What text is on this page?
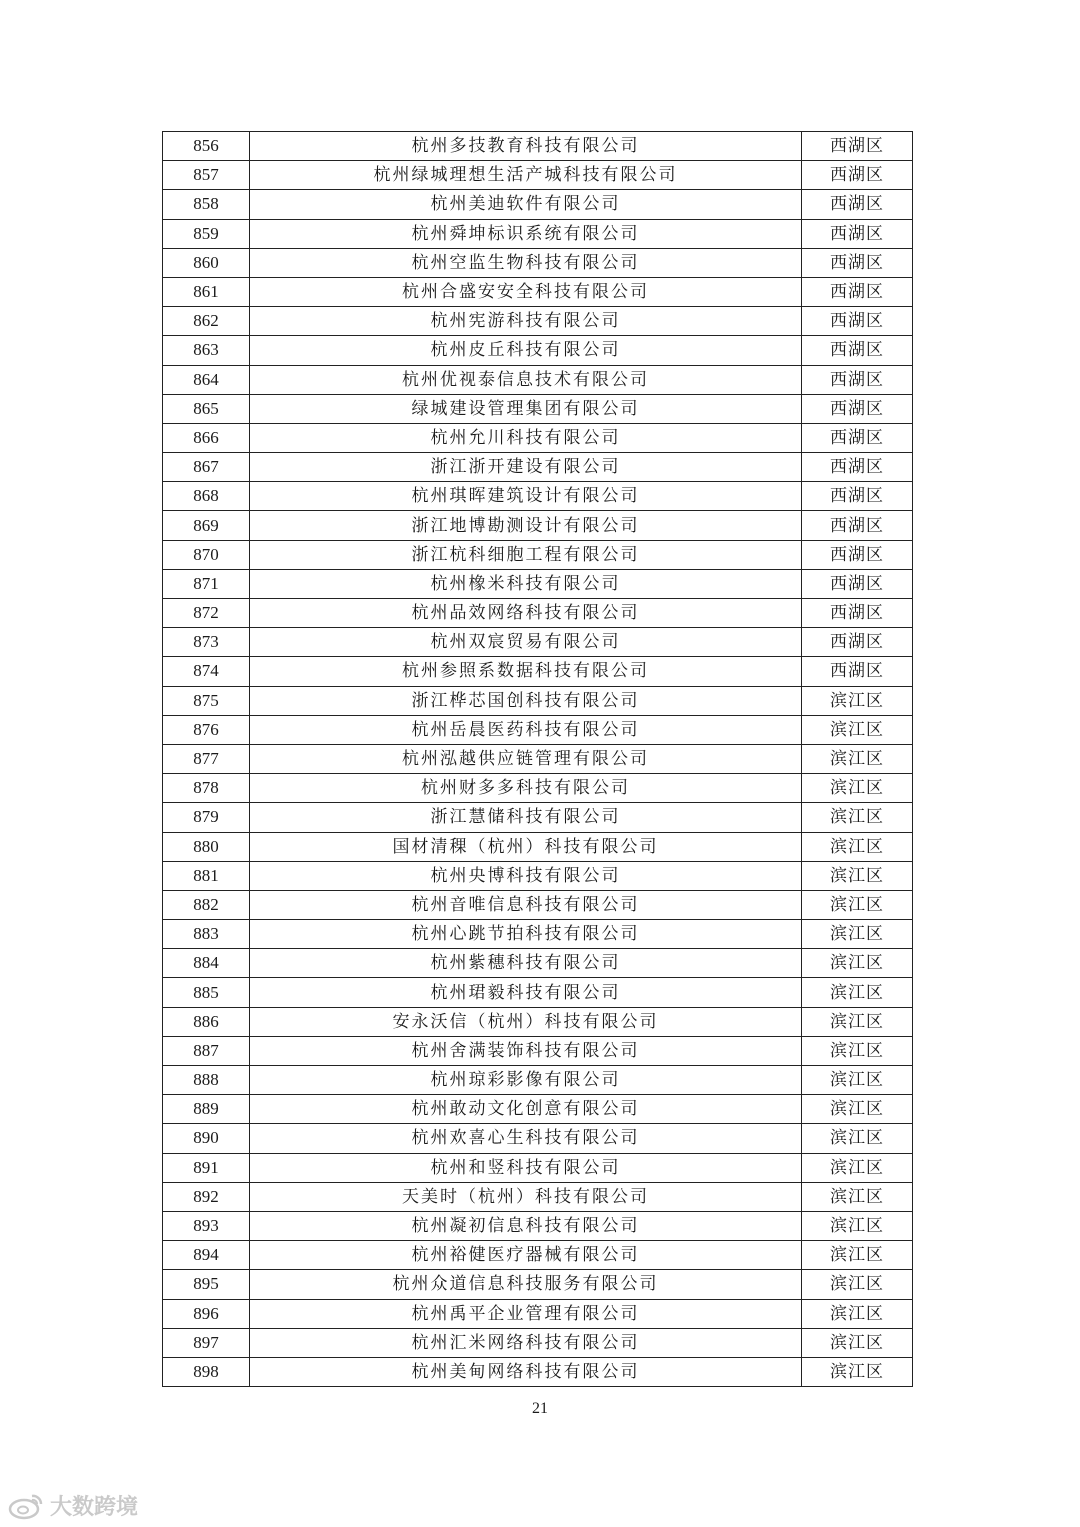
856	杭州多技教育科技有限公司	西湖区
857	杭州绿城理想生活产城科技有限公司	西湖区
858	杭州美迪软件有限公司	西湖区
859	杭州舜坤标识系统有限公司	西湖区
860	杭州空监生物科技有限公司	西湖区
861	杭州合盛安安全科技有限公司	西湖区
862	杭州宪游科技有限公司	西湖区
863	杭州皮丘科技有限公司	西湖区
864	杭州优视泰信息技术有限公司	西湖区
865	绿城建设管理集团有限公司	西湖区
866	杭州允川科技有限公司	西湖区
867	浙江浙开建设有限公司	西湖区
868	杭州琪晖建筑设计有限公司	西湖区
869	浙江地博勘测设计有限公司	西湖区
870	浙江杭科细胞工程有限公司	西湖区
871	杭州橡米科技有限公司	西湖区
872	杭州品效网络科技有限公司	西湖区
873	杭州双宸贸易有限公司	西湖区
874	杭州参照系数据科技有限公司	西湖区
875	浙江桦芯国创科技有限公司	滨江区
876	杭州岳晨医药科技有限公司	滨江区
877	杭州泓越供应链管理有限公司	滨江区
878	杭州财多多科技有限公司	滨江区
879	浙江慧储科技有限公司	滨江区
880	国材清稞（杭州）科技有限公司	滨江区
881	杭州央博科技有限公司	滨江区
882	杭州音唯信息科技有限公司	滨江区
883	杭州心跳节拍科技有限公司	滨江区
884	杭州紫穗科技有限公司	滨江区
885	杭州珺毅科技有限公司	滨江区
886	安永沃信（杭州）科技有限公司	滨江区
887	杭州舍满装饰科技有限公司	滨江区
888	杭州琼彩影像有限公司	滨江区
889	杭州敢动文化创意有限公司	滨江区
890	杭州欢喜心生科技有限公司	滨江区
891	杭州和竖科技有限公司	滨江区
892	天美时（杭州）科技有限公司	滨江区
893	杭州凝初信息科技有限公司	滨江区
894	杭州裕健医疗器械有限公司	滨江区
895	杭州众道信息科技服务有限公司	滨江区
896	杭州禹平企业管理有限公司	滨江区
897	杭州汇米网络科技有限公司	滨江区
898	杭州美甸网络科技有限公司	滨江区
21
大数跨境
